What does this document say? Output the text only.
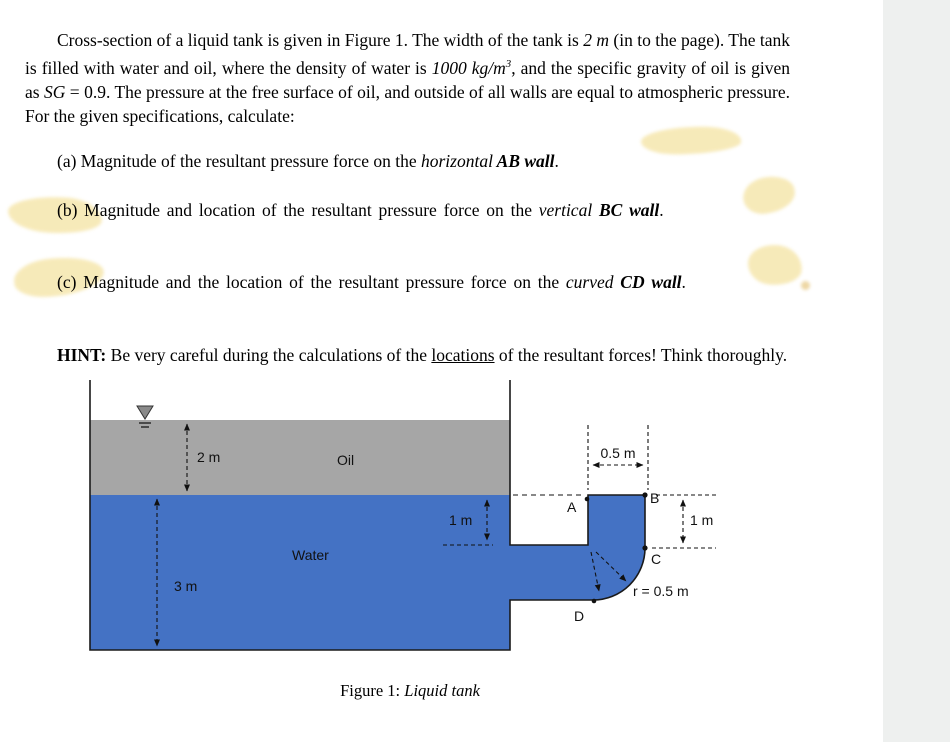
Cross-section of a liquid tank is given in Figure 1. The width of the tank is 2 m (in to the page). The tank is filled with water and oil, where the density of water is 1000 $kg/m^3$, and the specific gravity of oil is given as SG = 0.9. The pressure at the free surface of oil, and outside of all walls are equal to atmospheric pressure. For the given specifications, calculate:

(a) Magnitude of the resultant pressure force on the horizontal AB wall.

(b) Magnitude and location of the resultant pressure force on the vertical BC wall.

(c) Magnitude and the location of the resultant pressure force on the curved CD wall.

HINT: Be very careful during the calculations of the locations of the resultant forces! Think thoroughly.

2 m
3 m
Oil
Water
0.5 m
1 m
1 m
r = 0.5 m
A
B
C
D
Figure 1: Liquid tank
